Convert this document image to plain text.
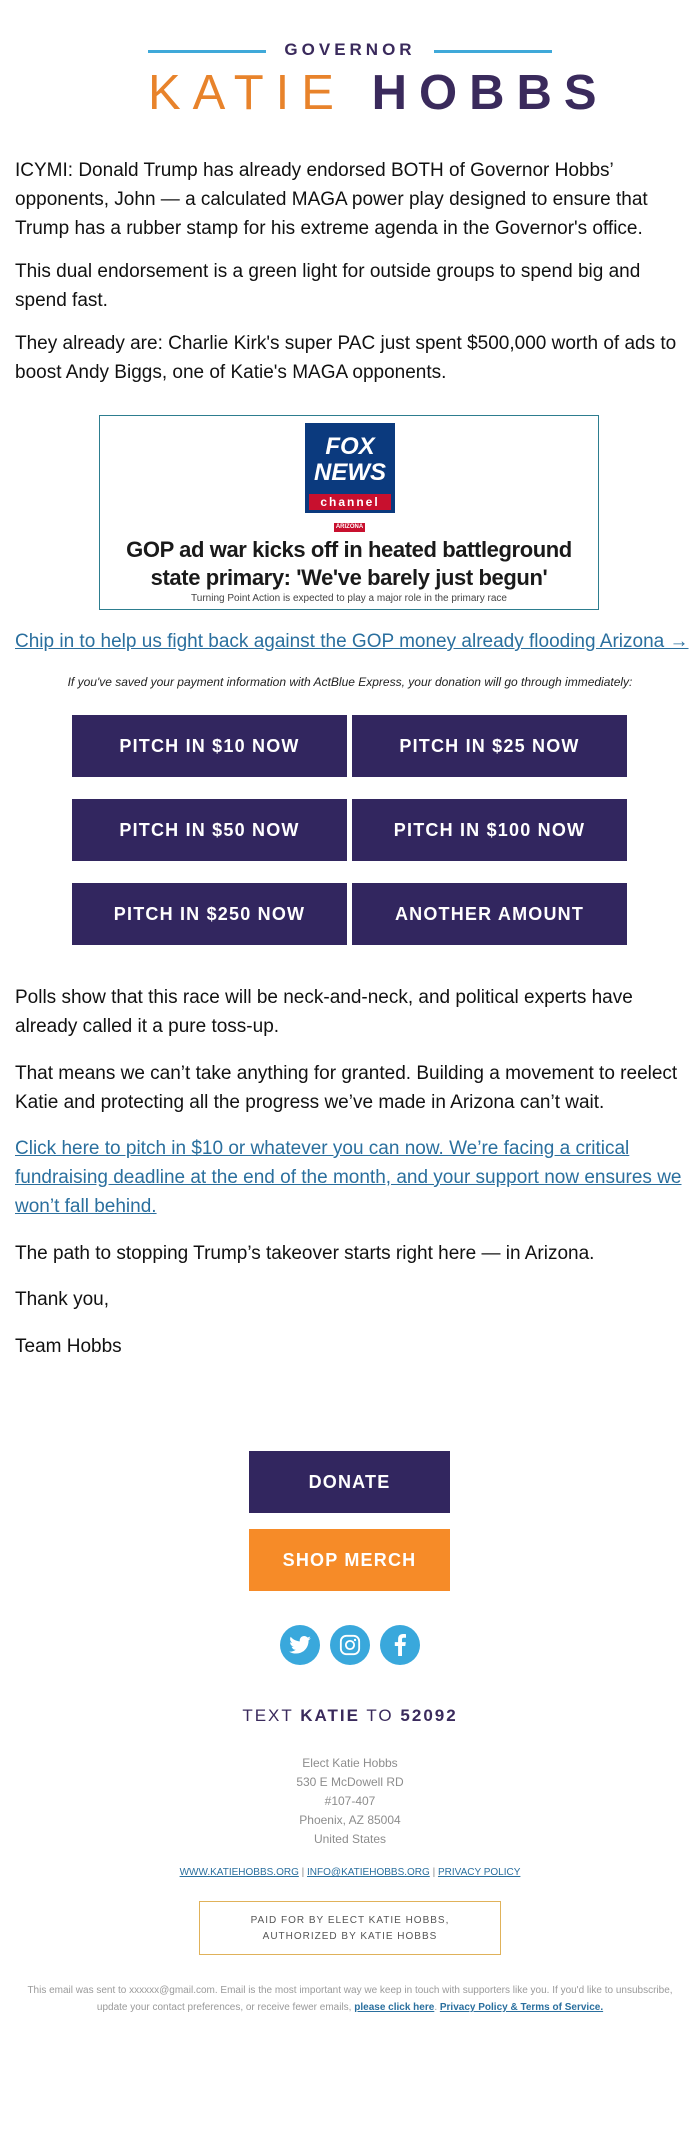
GOVERNOR
KATIE HOBBS

ICYMI: Donald Trump has already endorsed BOTH of Governor Hobbs’ opponents, John — a calculated MAGA power play designed to ensure that Trump has a rubber stamp for his extreme agenda in the Governor's office.

This dual endorsement is a green light for outside groups to spend big and spend fast.

They already are: Charlie Kirk's super PAC just spent $500,000 worth of ads to boost Andy Biggs, one of Katie's MAGA opponents.

FOX
NEWS
channel
ARIZONA
GOP ad war kicks off in heated battleground state primary: 'We've barely just begun'
Turning Point Action is expected to play a major role in the primary race
Chip in to help us fight back against the GOP money already flooding Arizona →
If you've saved your payment information with ActBlue Express, your donation will go through immediately:
PITCH IN $10 NOW	PITCH IN $25 NOW
PITCH IN $50 NOW	PITCH IN $100 NOW
PITCH IN $250 NOW	ANOTHER AMOUNT

Polls show that this race will be neck-and-neck, and political experts have already called it a pure toss-up.

That means we can’t take anything for granted. Building a movement to reelect Katie and protecting all the progress we’ve made in Arizona can’t wait.

Click here to pitch in $10 or whatever you can now. We’re facing a critical fundraising deadline at the end of the month, and your support now ensures we won’t fall behind.

The path to stopping Trump’s takeover starts right here — in Arizona.

Thank you,

Team Hobbs

DONATE
SHOP MERCH
TEXT KATIE TO 52092
Elect Katie Hobbs
530 E McDowell RD
#107-407
Phoenix, AZ 85004
United States
WWW.KATIEHOBBS.ORG | INFO@KATIEHOBBS.ORG | PRIVACY POLICY
PAID FOR BY ELECT KATIE HOBBS,
AUTHORIZED BY KATIE HOBBS
This email was sent to xxxxxx@gmail.com. Email is the most important way we keep in touch with supporters like you. If you'd like to unsubscribe, update your contact preferences, or receive fewer emails, please click here. Privacy Policy & Terms of Service.
